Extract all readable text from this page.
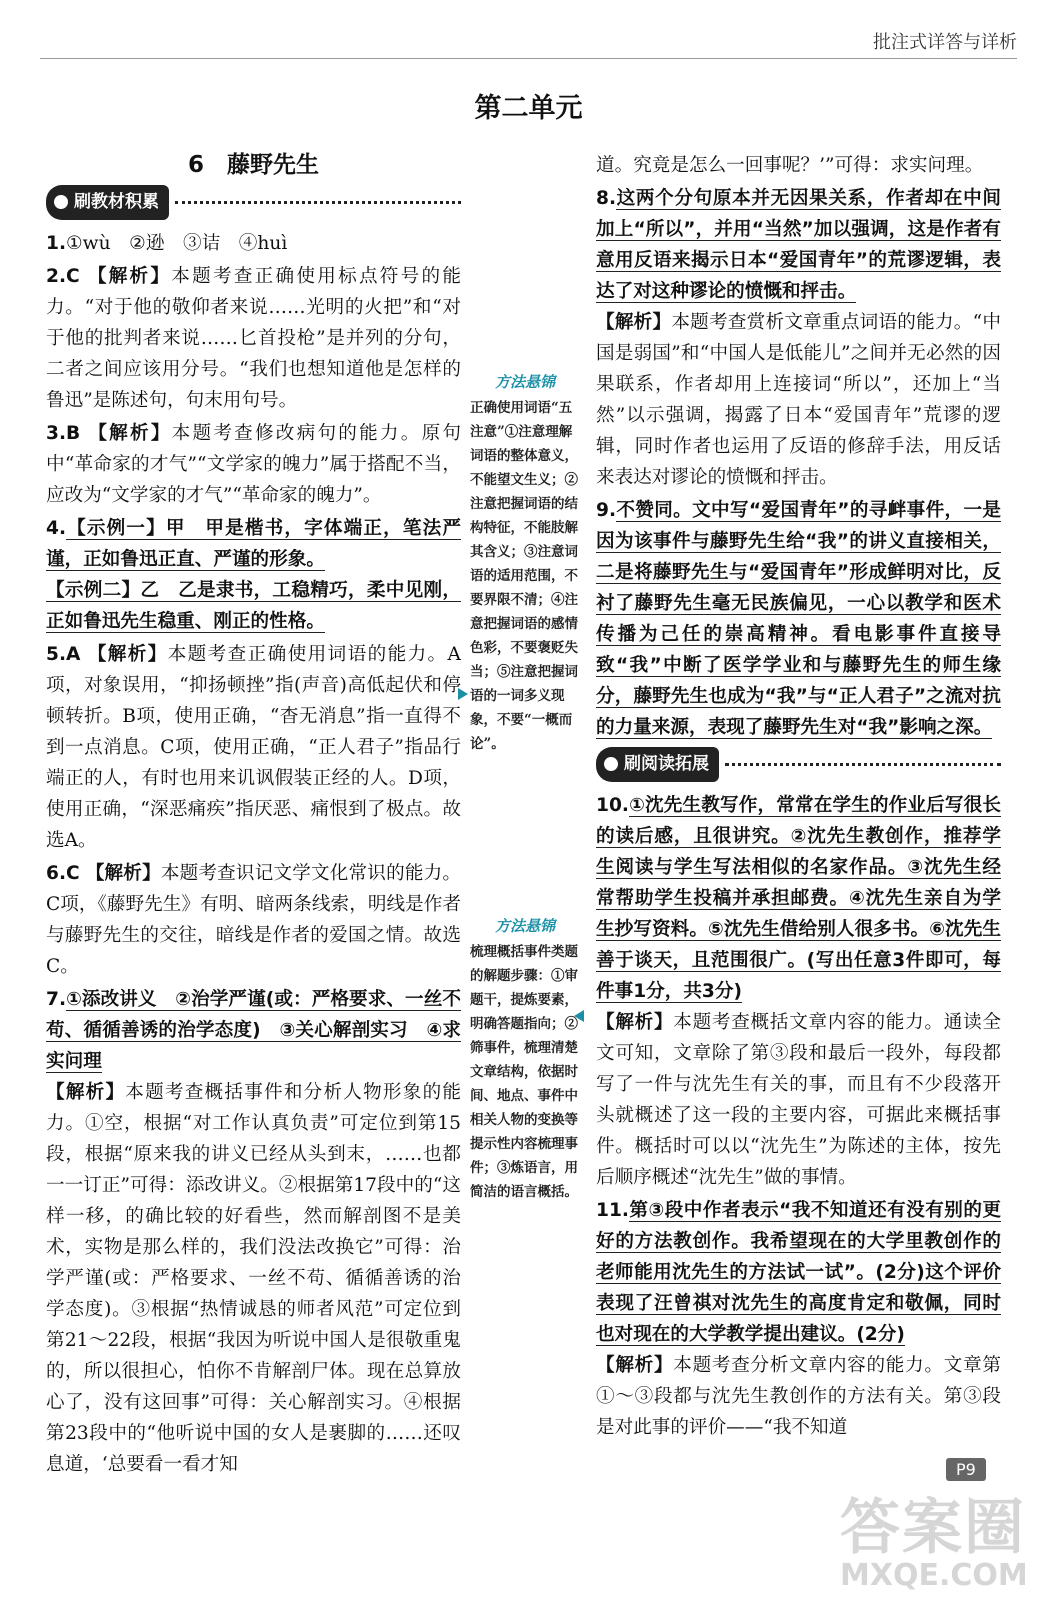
批注式详答与详析
第二单元
6　藤野先生
刷教材积累
1.①wù　②逊　③诘　④huì
2.C 【解析】本题考查正确使用标点符号的能力。“对于他的敬仰者来说……光明的火把”和“对于他的批判者来说……匕首投枪”是并列的分句，二者之间应该用分号。“我们也想知道他是怎样的鲁迅”是陈述句，句末用句号。
3.B 【解析】本题考查修改病句的能力。原句中“革命家的才气”“文学家的魄力”属于搭配不当，应改为“文学家的才气”“革命家的魄力”。
4.【示例一】甲　甲是楷书，字体端正，笔法严谨，正如鲁迅正直、严谨的形象。
【示例二】乙　乙是隶书，工稳精巧，柔中见刚，正如鲁迅先生稳重、刚正的性格。
5.A 【解析】本题考查正确使用词语的能力。A项，对象误用，“抑扬顿挫”指(声音)高低起伏和停顿转折。B项，使用正确，“杳无消息”指一直得不到一点消息。C项，使用正确，“正人君子”指品行端正的人，有时也用来讥讽假装正经的人。D项，使用正确，“深恶痛疾”指厌恶、痛恨到了极点。故选A。
6.C 【解析】本题考查识记文学文化常识的能力。C项，《藤野先生》有明、暗两条线索，明线是作者与藤野先生的交往，暗线是作者的爱国之情。故选C。
7.①添改讲义　②治学严谨(或：严格要求、一丝不苟、循循善诱的治学态度)　③关心解剖实习　④求实问理
【解析】本题考查概括事件和分析人物形象的能力。①空，根据“对工作认真负责”可定位到第15段，根据“原来我的讲义已经从头到末，……也都一一订正”可得：添改讲义。②根据第17段中的“这样一移，的确比较的好看些，然而解剖图不是美术，实物是那么样的，我们没法改换它”可得：治学严谨(或：严格要求、一丝不苟、循循善诱的治学态度)。③根据“热情诚恳的师者风范”可定位到第21～22段，根据“我因为听说中国人是很敬重鬼的，所以很担心，怕你不肯解剖尸体。现在总算放心了，没有这回事”可得：关心解剖实习。④根据第23段中的“他听说中国的女人是裹脚的……还叹息道，‘总要看一看才知
方法悬锦
正确使用词语“五注意”①注意理解词语的整体意义，不能望文生义；②注意把握词语的结构特征，不能肢解其含义；③注意词语的适用范围，不要界限不清；④注意把握词语的感情色彩，不要褒贬失当；⑤注意把握词语的一词多义现象，不要“一概而论”。
方法悬锦
梳理概括事件类题的解题步骤：①审题干，提炼要素，明确答题指向；②筛事件，梳理清楚文章结构，依据时间、地点、事件中相关人物的变换等提示性内容梳理事件；③炼语言，用简洁的语言概括。
道。究竟是怎么一回事呢？’”可得：求实问理。
8.这两个分句原本并无因果关系，作者却在中间加上“所以”，并用“当然”加以强调，这是作者有意用反语来揭示日本“爱国青年”的荒谬逻辑，表达了对这种谬论的愤慨和抨击。
【解析】本题考查赏析文章重点词语的能力。“中国是弱国”和“中国人是低能儿”之间并无必然的因果联系，作者却用上连接词“所以”，还加上“当然”以示强调，揭露了日本“爱国青年”荒谬的逻辑，同时作者也运用了反语的修辞手法，用反话来表达对谬论的愤慨和抨击。
9.不赞同。文中写“爱国青年”的寻衅事件，一是因为该事件与藤野先生给“我”的讲义直接相关，二是将藤野先生与“爱国青年”形成鲜明对比，反衬了藤野先生毫无民族偏见，一心以教学和医术传播为己任的崇高精神。看电影事件直接导致“我”中断了医学学业和与藤野先生的师生缘分，藤野先生也成为“我”与“正人君子”之流对抗的力量来源，表现了藤野先生对“我”影响之深。
刷阅读拓展
10.①沈先生教写作，常常在学生的作业后写很长的读后感，且很讲究。②沈先生教创作，推荐学生阅读与学生写法相似的名家作品。③沈先生经常帮助学生投稿并承担邮费。④沈先生亲自为学生抄写资料。⑤沈先生借给别人很多书。⑥沈先生善于谈天，且范围很广。(写出任意3件即可，每件事1分，共3分)
【解析】本题考查概括文章内容的能力。通读全文可知，文章除了第③段和最后一段外，每段都写了一件与沈先生有关的事，而且有不少段落开头就概述了这一段的主要内容，可据此来概括事件。概括时可以以“沈先生”为陈述的主体，按先后顺序概述“沈先生”做的事情。
11.第③段中作者表示“我不知道还有没有别的更好的方法教创作。我希望现在的大学里教创作的老师能用沈先生的方法试一试”。(2分)这个评价表现了汪曾祺对沈先生的高度肯定和敬佩，同时也对现在的大学教学提出建议。(2分)
【解析】本题考查分析文章内容的能力。文章第①～③段都与沈先生教创作的方法有关。第③段是对此事的评价——“我不知道
P9
答案圈
MXQE.COM
